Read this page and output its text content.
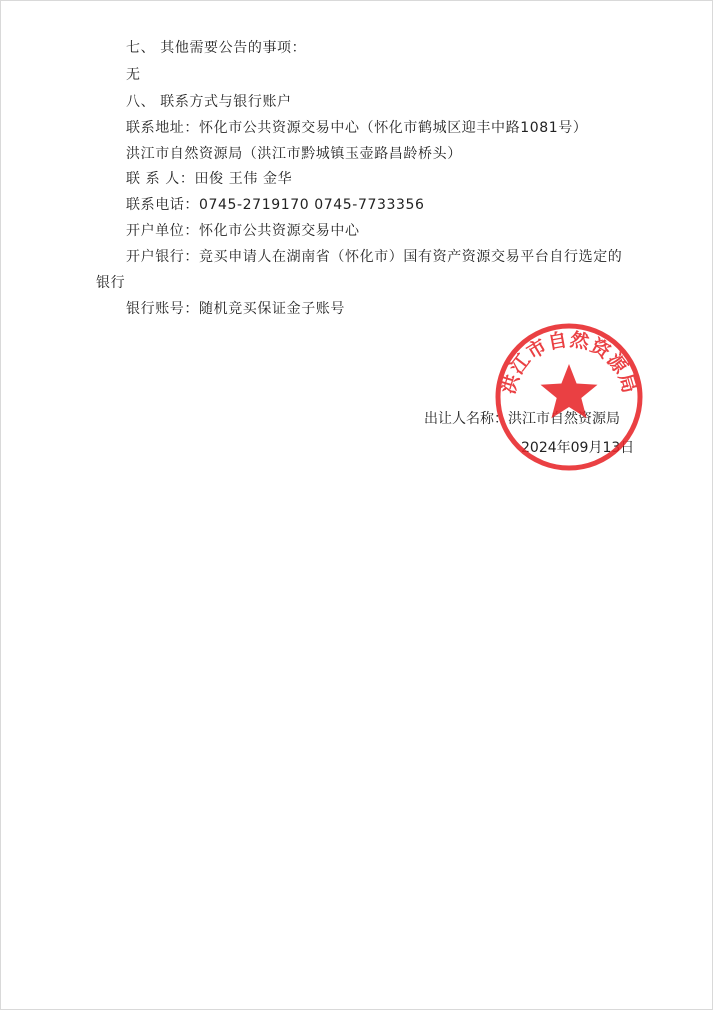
七、 其他需要公告的事项：
无
八、 联系方式与银行账户
联系地址：怀化市公共资源交易中心（怀化市鹤城区迎丰中路1081号）
洪江市自然资源局（洪江市黔城镇玉壶路昌龄桥头）
联 系 人：田俊 王伟 金华
联系电话：0745-2719170 0745-7733356
开户单位：怀化市公共资源交易中心
开户银行：竞买申请人在湖南省（怀化市）国有资产资源交易平台自行选定的
银行
银行账号：随机竞买保证金子账号
出让人名称：洪江市自然资源局
2024年09月13日
洪江市自然资源局
